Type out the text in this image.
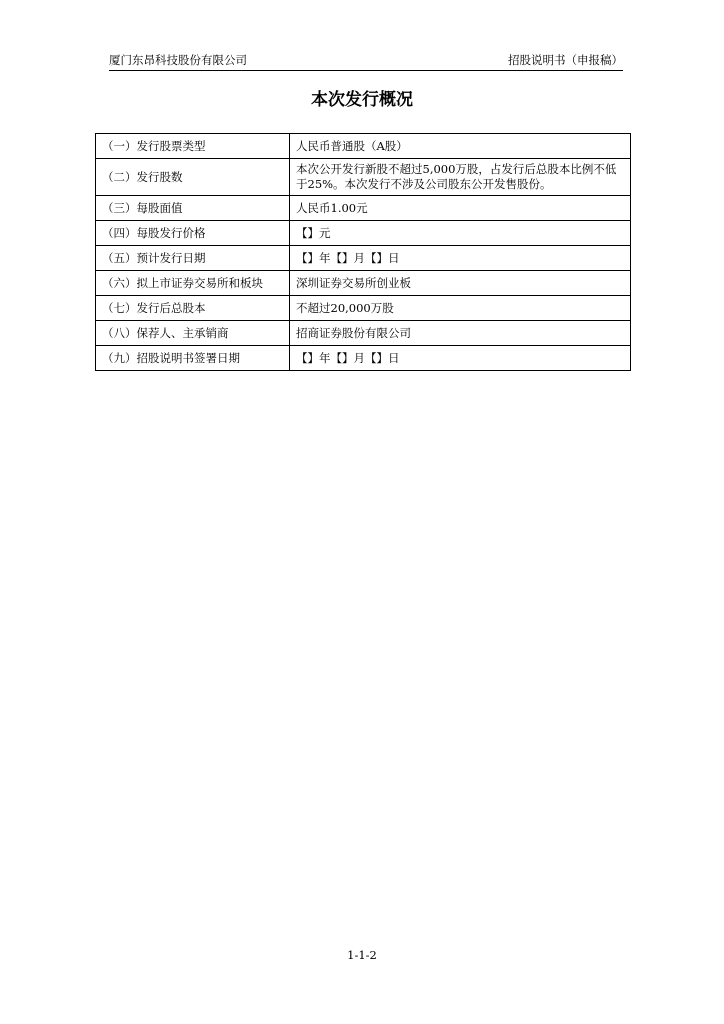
厦门东昂科技股份有限公司	招股说明书（申报稿）
本次发行概况
（一）发行股票类型	人民币普通股（A股）
（二）发行股数	本次公开发行新股不超过5,000万股，占发行后总股本比例不低于25%。本次发行不涉及公司股东公开发售股份。
（三）每股面值	人民币1.00元
（四）每股发行价格	【】元
（五）预计发行日期	【】年【】月【】日
（六）拟上市证券交易所和板块	深圳证券交易所创业板
（七）发行后总股本	不超过20,000万股
（八）保荐人、主承销商	招商证券股份有限公司
（九）招股说明书签署日期	【】年【】月【】日
1-1-2
